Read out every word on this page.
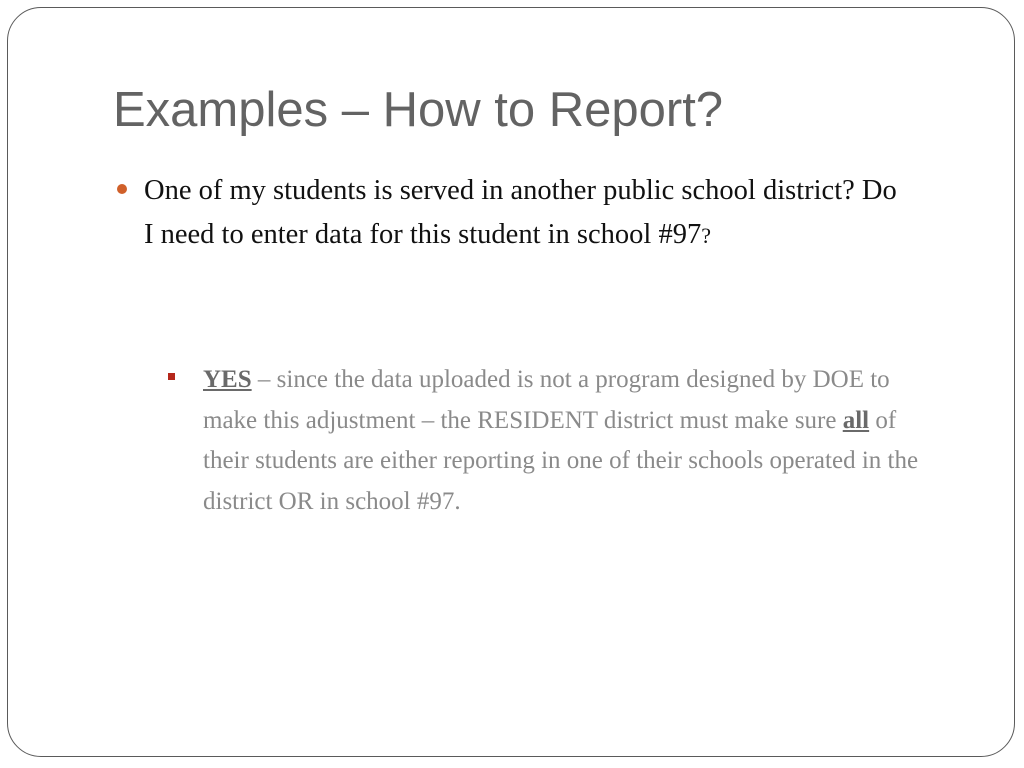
Examples – How to Report?

One of my students is served in another public school district? Do I need to enter data for this student in school #97?

YES – since the data uploaded is not a program designed by DOE to make this adjustment – the RESIDENT district must make sure all of their students are either reporting in one of their schools operated in the district OR in school #97.
